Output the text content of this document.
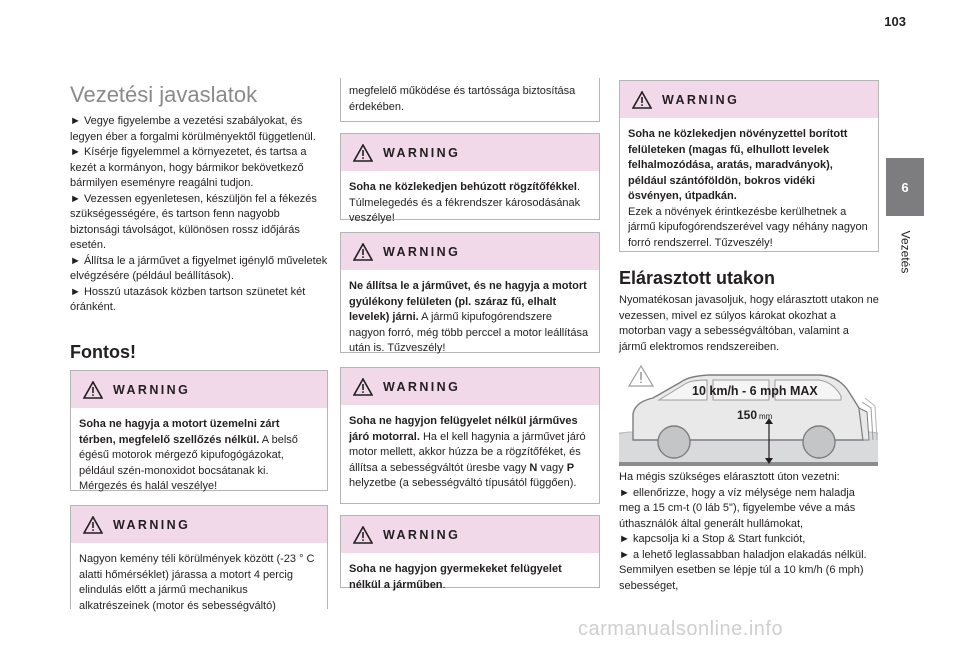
103
6
Vezetés
Vezetési javaslatok

► Vegye figyelembe a vezetési szabályokat, és legyen éber a forgalmi körülményektől függetlenül.
► Kísérje figyelemmel a környezetet, és tartsa a kezét a kormányon, hogy bármikor bekövetkező bármilyen eseményre reagálni tudjon.
► Vezessen egyenletesen, készüljön fel a fékezés szükségességére, és tartson fenn nagyobb biztonsági távolságot, különösen rossz időjárás esetén.
► Állítsa le a járművet a figyelmet igénylő műveletek elvégzésére (például beállítások).
► Hosszú utazások közben tartson szünetet két óránként.

Fontos!
WARNING
Soha ne hagyja a motort üzemelni zárt térben, megfelelő szellőzés nélkül. A belső égésű motorok mérgező kipufogógázokat, például szén-monoxidot bocsátanak ki. Mérgezés és halál veszélye!
WARNING
Nagyon kemény téli körülmények között (-23 ° C alatti hőmérséklet) járassa a motort 4 percig elindulás előtt a jármű mechanikus alkatrészeinek (motor és sebességváltó)
megfelelő működése és tartóssága biztosítása érdekében.
WARNING
Soha ne közlekedjen behúzott rögzítőfékkel. Túlmelegedés és a fékrendszer károsodásának veszélye!
WARNING
Ne állítsa le a járművet, és ne hagyja a motort gyúlékony felületen (pl. száraz fű, elhalt levelek) járni. A jármű kipufogórendszere nagyon forró, még több perccel a motor leállítása után is. Tűzveszély!
WARNING
Soha ne hagyjon felügyelet nélkül járműves járó motorral. Ha el kell hagynia a járművet járó motor mellett, akkor húzza be a rögzítőféket, és állítsa a sebességváltót üresbe vagy N vagy P helyzetbe (a sebességváltó típusától függően).
WARNING
Soha ne hagyjon gyermekeket felügyelet nélkül a járműben.
WARNING
Soha ne közlekedjen növényzettel borított felületeken (magas fű, elhullott levelek felhalmozódása, aratás, maradványok), például szántóföldön, bokros vidéki ösvényen, útpadkán.
Ezek a növények érintkezésbe kerülhetnek a jármű kipufogórendszerével vagy néhány nagyon forró rendszerrel. Tűzveszély!
Elárasztott utakon

Nyomatékosan javasoljuk, hogy elárasztott utakon ne vezessen, mivel ez súlyos károkat okozhat a motorban vagy a sebességváltóban, valamint a jármű elektromos rendszereiben.

10 km/h - 6 mph MAX
150 mm

Ha mégis szükséges elárasztott úton vezetni:
► ellenőrizze, hogy a víz mélysége nem haladja meg a 15 cm-t (0 láb 5"), figyelembe véve a más úthasználók által generált hullámokat,
► kapcsolja ki a Stop & Start funkciót,
► a lehető leglassabban haladjon elakadás nélkül. Semmilyen esetben se lépje túl a 10 km/h (6 mph) sebességet,

carmanualsonline.info
